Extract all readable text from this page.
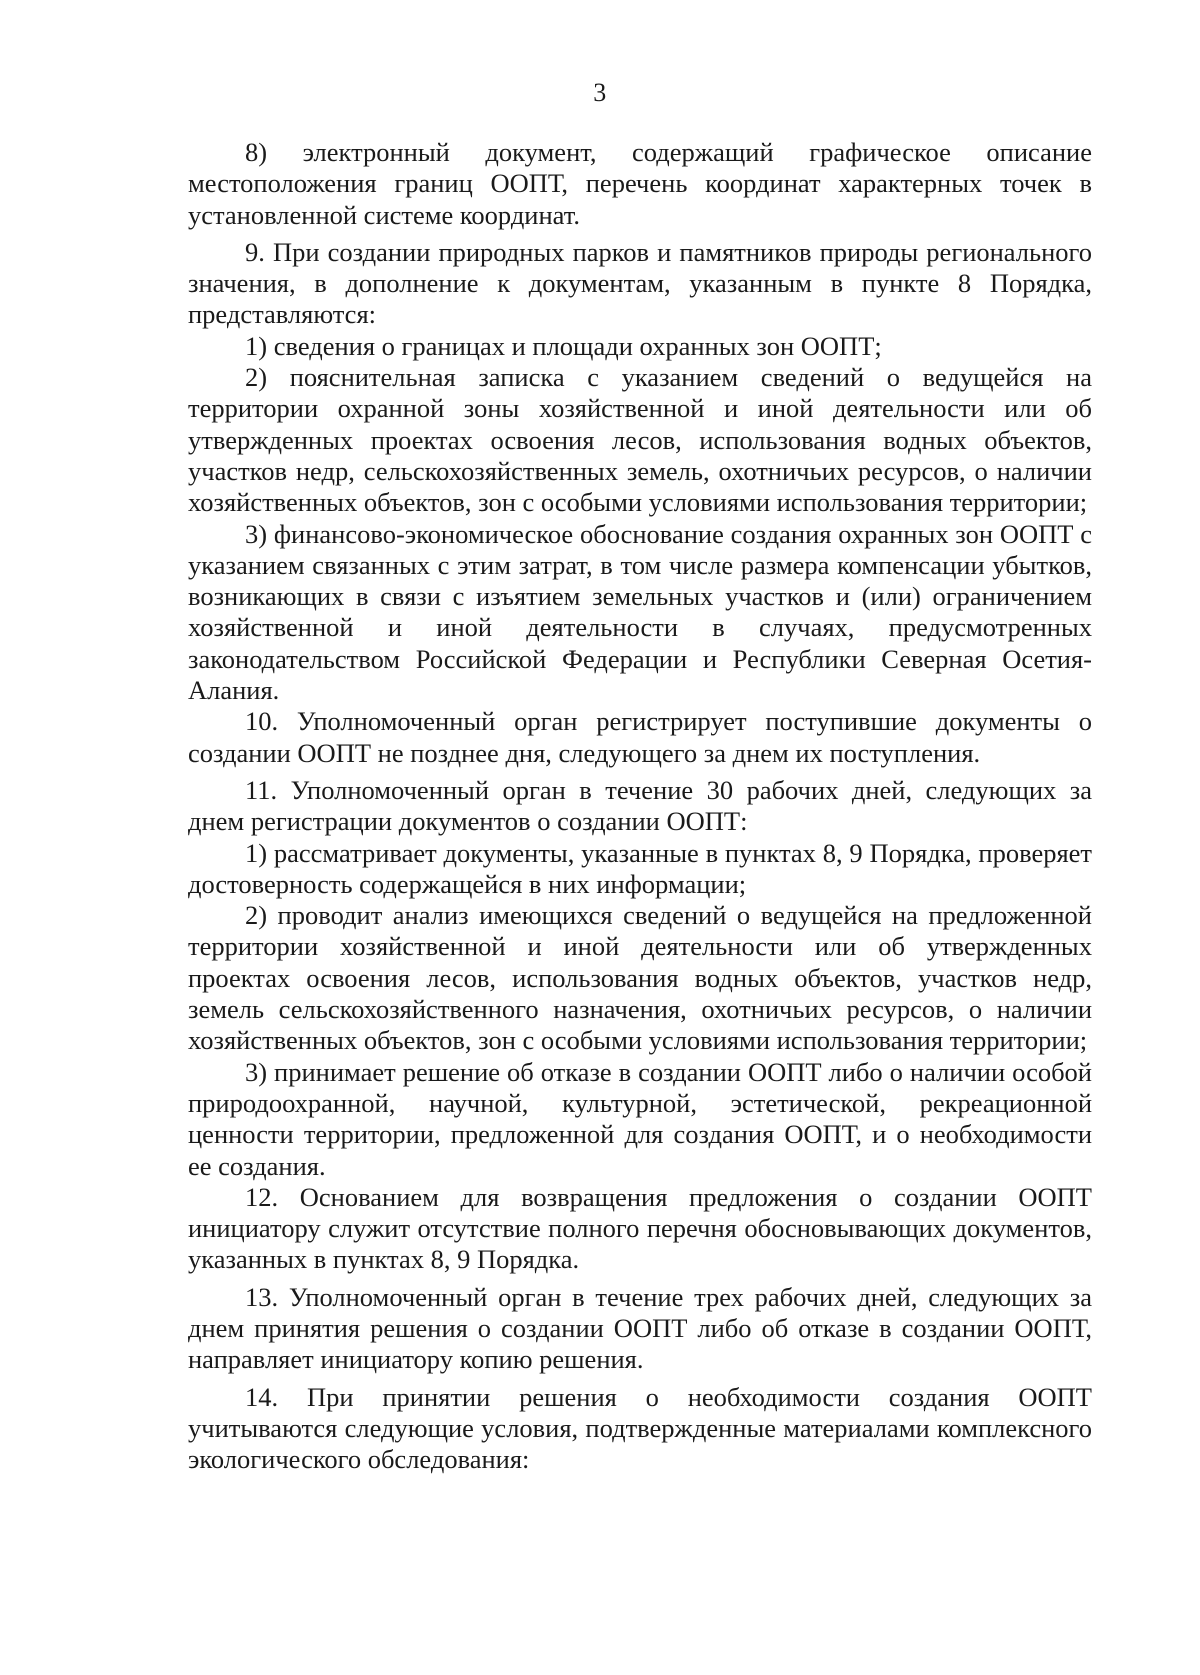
3

8) электронный документ, содержащий графическое описание местоположения границ ООПТ, перечень координат характерных точек в установленной системе координат.

9. При создании природных парков и памятников природы регионального значения, в дополнение к документам, указанным в пункте 8 Порядка, представляются:

1) сведения о границах и площади охранных зон ООПТ;

2) пояснительная записка с указанием сведений о ведущейся на территории охранной зоны хозяйственной и иной деятельности или об утвержденных проектах освоения лесов, использования водных объектов, участков недр, сельскохозяйственных земель, охотничьих ресурсов, о наличии хозяйственных объектов, зон с особыми условиями использования территории;

3) финансово-экономическое обоснование создания охранных зон ООПТ с указанием связанных с этим затрат, в том числе размера компенсации убытков, возникающих в связи с изъятием земельных участков и (или) ограничением хозяйственной и иной деятельности в случаях, предусмотренных законодательством Российской Федерации и Республики Северная Осетия-Алания.

10. Уполномоченный орган регистрирует поступившие документы о создании ООПТ не позднее дня, следующего за днем их поступления.

11. Уполномоченный орган в течение 30 рабочих дней, следующих за днем регистрации документов о создании ООПТ:

1) рассматривает документы, указанные в пунктах 8, 9 Порядка, проверяет достоверность содержащейся в них информации;

2) проводит анализ имеющихся сведений о ведущейся на предложенной территории хозяйственной и иной деятельности или об утвержденных проектах освоения лесов, использования водных объектов, участков недр, земель сельскохозяйственного назначения, охотничьих ресурсов, о наличии хозяйственных объектов, зон с особыми условиями использования территории;

3) принимает решение об отказе в создании ООПТ либо о наличии особой природоохранной, научной, культурной, эстетической, рекреационной ценности территории, предложенной для создания ООПТ, и о необходимости ее создания.

12. Основанием для возвращения предложения о создании ООПТ инициатору служит отсутствие полного перечня обосновывающих документов, указанных в пунктах 8, 9 Порядка.

13. Уполномоченный орган в течение трех рабочих дней, следующих за днем принятия решения о создании ООПТ либо об отказе в создании ООПТ, направляет инициатору копию решения.

14. При принятии решения о необходимости создания ООПТ учитываются следующие условия, подтвержденные материалами комплексного экологического обследования:
